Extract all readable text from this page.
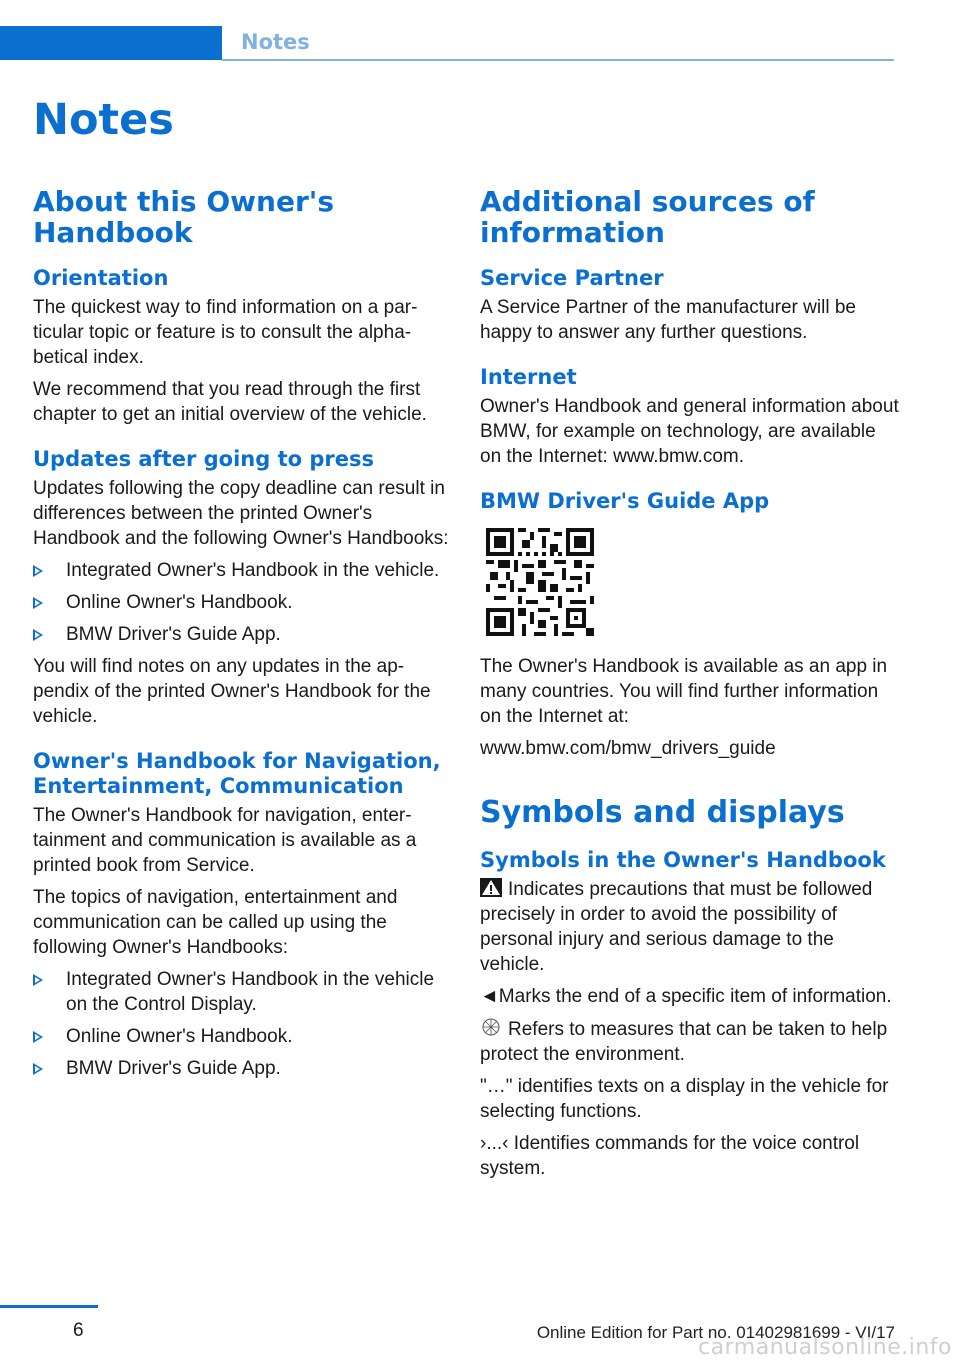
Notes
Notes
About this Owner's Handbook
Orientation

The quickest way to find information on a particular topic or feature is to consult the alphabetical index.

We recommend that you read through the first chapter to get an initial overview of the vehicle.

Updates after going to press

Updates following the copy deadline can result in differences between the printed Owner's Handbook and the following Owner's Handbooks:

Integrated Owner's Handbook in the vehicle.
Online Owner's Handbook.
BMW Driver's Guide App.

You will find notes on any updates in the appendix of the printed Owner's Handbook for the vehicle.

Owner's Handbook for Navigation, Entertainment, Communication

The Owner's Handbook for navigation, entertainment and communication is available as a printed book from Service.

The topics of navigation, entertainment and communication can be called up using the following Owner's Handbooks:

Integrated Owner's Handbook in the vehicle on the Control Display.
Online Owner's Handbook.
BMW Driver's Guide App.
Additional sources of information
Service Partner

A Service Partner of the manufacturer will be happy to answer any further questions.

Internet

Owner's Handbook and general information about BMW, for example on technology, are available on the Internet: www.bmw.com.

BMW Driver's Guide App

The Owner's Handbook is available as an app in many countries. You will find further information on the Internet at:

www.bmw.com/bmw_drivers_guide

Symbols and displays
Symbols in the Owner's Handbook

Indicates precautions that must be followed precisely in order to avoid the possibility of personal injury and serious damage to the vehicle.

◄Marks the end of a specific item of information.

Refers to measures that can be taken to help protect the environment.

"…" identifies texts on a display in the vehicle for selecting functions.

›...‹ Identifies commands for the voice control system.

6	Online Edition for Part no. 01402981699 - VI/17
carmanualsonline.info
